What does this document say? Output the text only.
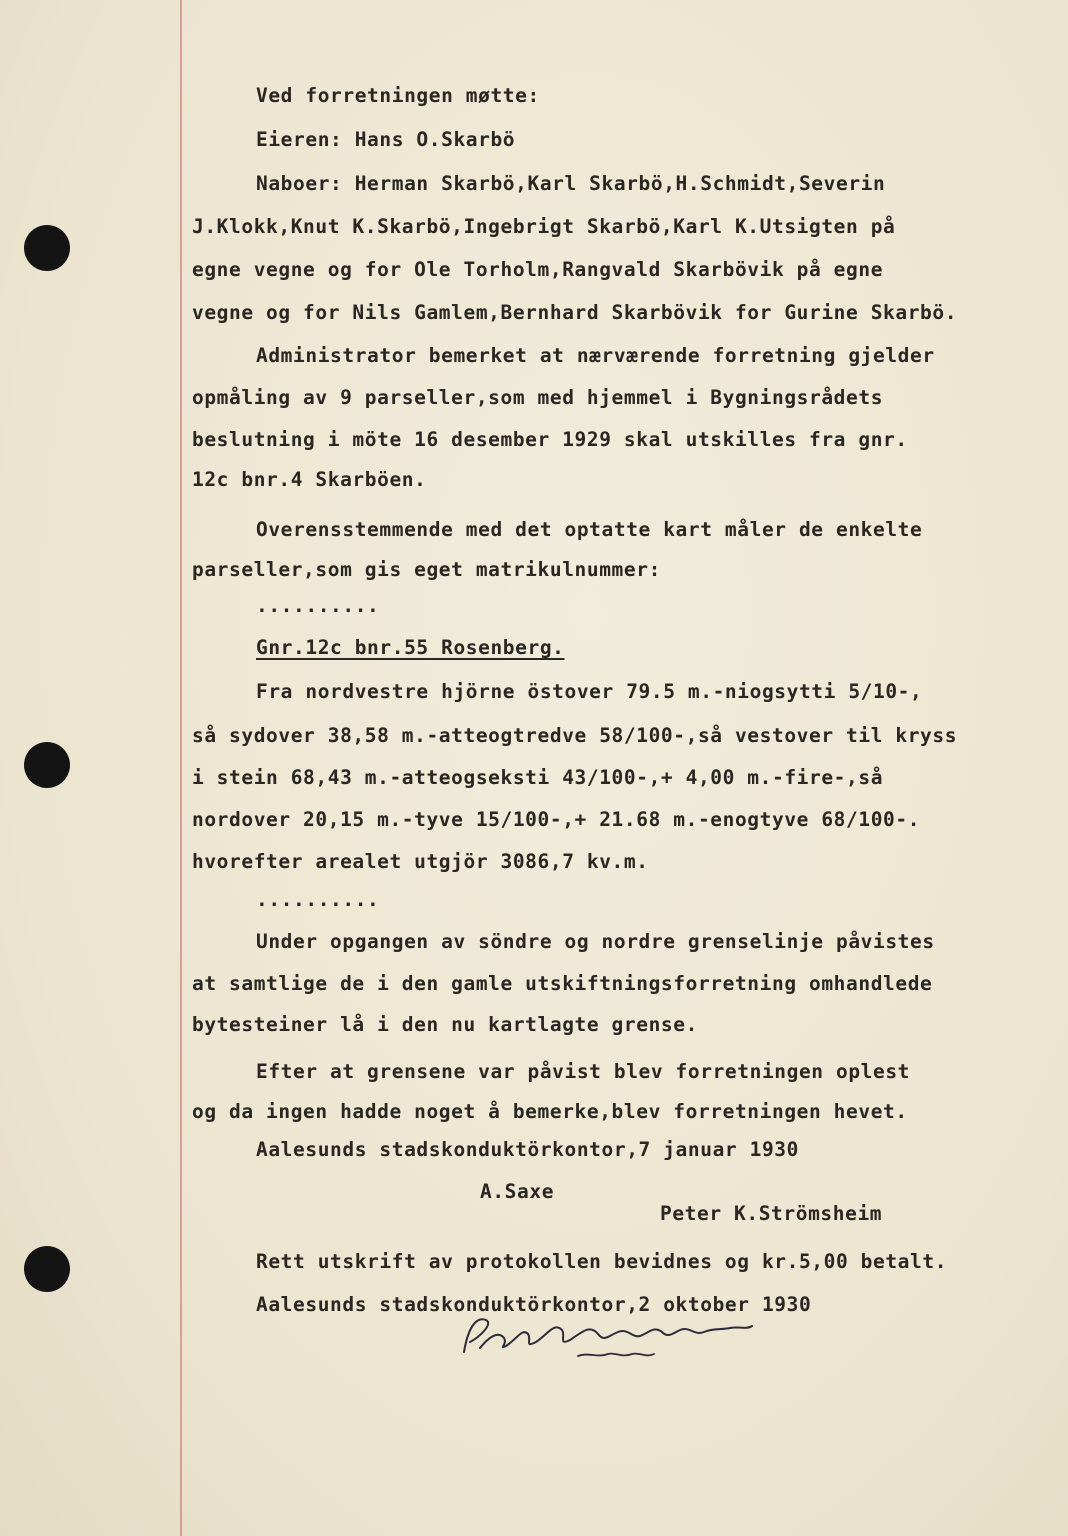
Ved forretningen møtte:
Eieren: Hans O.Skarbö
Naboer: Herman Skarbö,Karl Skarbö,H.Schmidt,Severin
J.Klokk,Knut K.Skarbö,Ingebrigt Skarbö,Karl K.Utsigten på
egne vegne og for Ole Torholm,Rangvald Skarbövik på egne
vegne og for Nils Gamlem,Bernhard Skarbövik for Gurine Skarbö.
Administrator bemerket at nærværende forretning gjelder
opmåling av 9 parseller,som med hjemmel i Bygningsrådets
beslutning i möte 16 desember 1929 skal utskilles fra gnr.
12c bnr.4 Skarböen.
Overensstemmende med det optatte kart måler de enkelte
parseller,som gis eget matrikulnummer:
..........
Gnr.12c bnr.55 Rosenberg.
Fra nordvestre hjörne östover 79.5 m.-niogsytti 5/10-,
så sydover 38,58 m.-atteogtredve 58/100-,så vestover til kryss
i stein 68,43 m.-atteogseksti 43/100-,+ 4,00 m.-fire-,så
nordover 20,15 m.-tyve 15/100-,+ 21.68 m.-enogtyve 68/100-.
hvorefter arealet utgjör 3086,7 kv.m.
..........
Under opgangen av söndre og nordre grenselinje påvistes
at samtlige de i den gamle utskiftningsforretning omhandlede
bytesteiner lå i den nu kartlagte grense.
Efter at grensene var påvist blev forretningen oplest
og da ingen hadde noget å bemerke,blev forretningen hevet.
Aalesunds stadskonduktörkontor,7 januar 1930
A.Saxe
Peter K.Strömsheim
Rett utskrift av protokollen bevidnes og kr.5,00 betalt.
Aalesunds stadskonduktörkontor,2 oktober 1930
